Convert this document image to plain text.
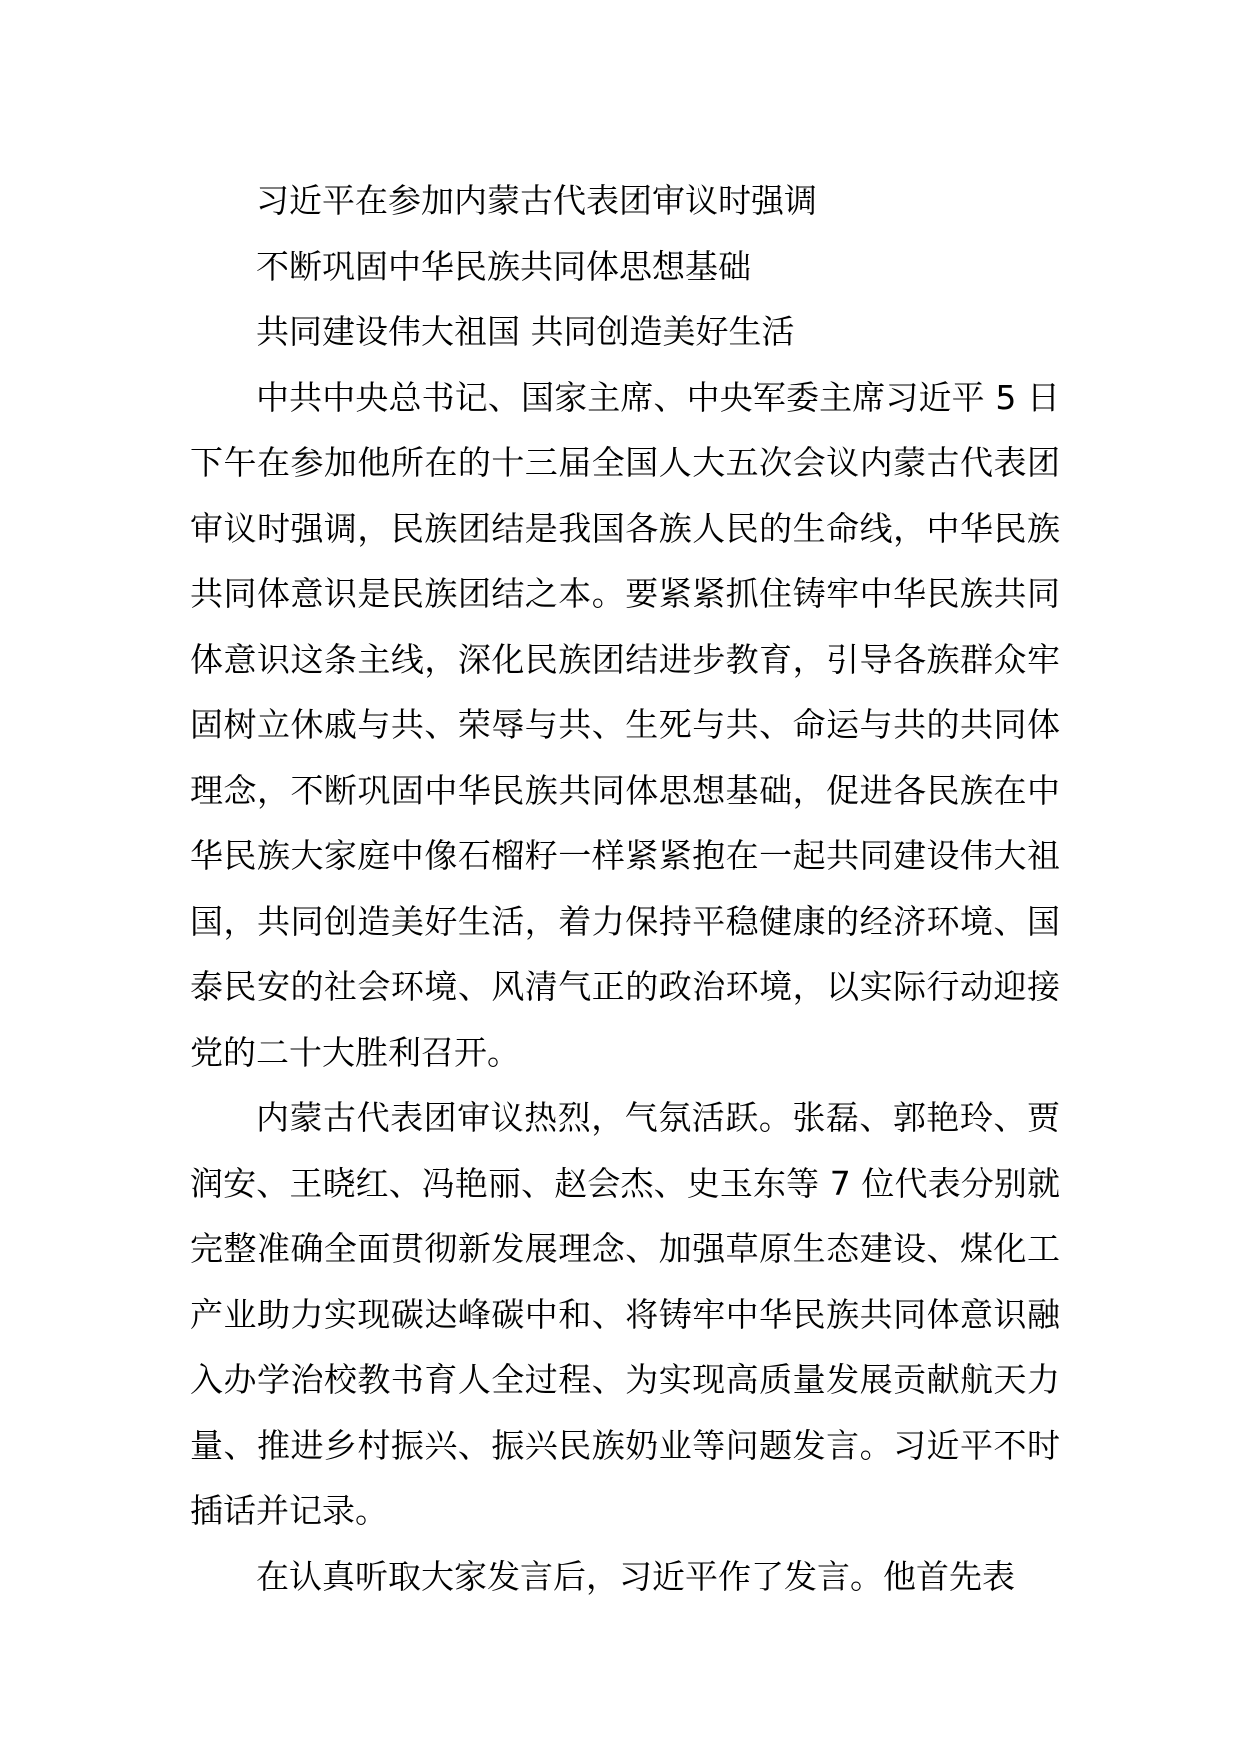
习近平在参加内蒙古代表团审议时强调

不断巩固中华民族共同体思想基础

共同建设伟大祖国 共同创造美好生活

中共中央总书记、国家主席、中央军委主席习近平 5 日下午在参加他所在的十三届全国人大五次会议内蒙古代表团审议时强调，民族团结是我国各族人民的生命线，中华民族共同体意识是民族团结之本。要紧紧抓住铸牢中华民族共同体意识这条主线，深化民族团结进步教育，引导各族群众牢固树立休戚与共、荣辱与共、生死与共、命运与共的共同体理念，不断巩固中华民族共同体思想基础，促进各民族在中华民族大家庭中像石榴籽一样紧紧抱在一起共同建设伟大祖国，共同创造美好生活，着力保持平稳健康的经济环境、国泰民安的社会环境、风清气正的政治环境，以实际行动迎接党的二十大胜利召开。

内蒙古代表团审议热烈，气氛活跃。张磊、郭艳玲、贾润安、王晓红、冯艳丽、赵会杰、史玉东等 7 位代表分别就完整准确全面贯彻新发展理念、加强草原生态建设、煤化工产业助力实现碳达峰碳中和、将铸牢中华民族共同体意识融入办学治校教书育人全过程、为实现高质量发展贡献航天力量、推进乡村振兴、振兴民族奶业等问题发言。习近平不时插话并记录。

在认真听取大家发言后，习近平作了发言。他首先表
